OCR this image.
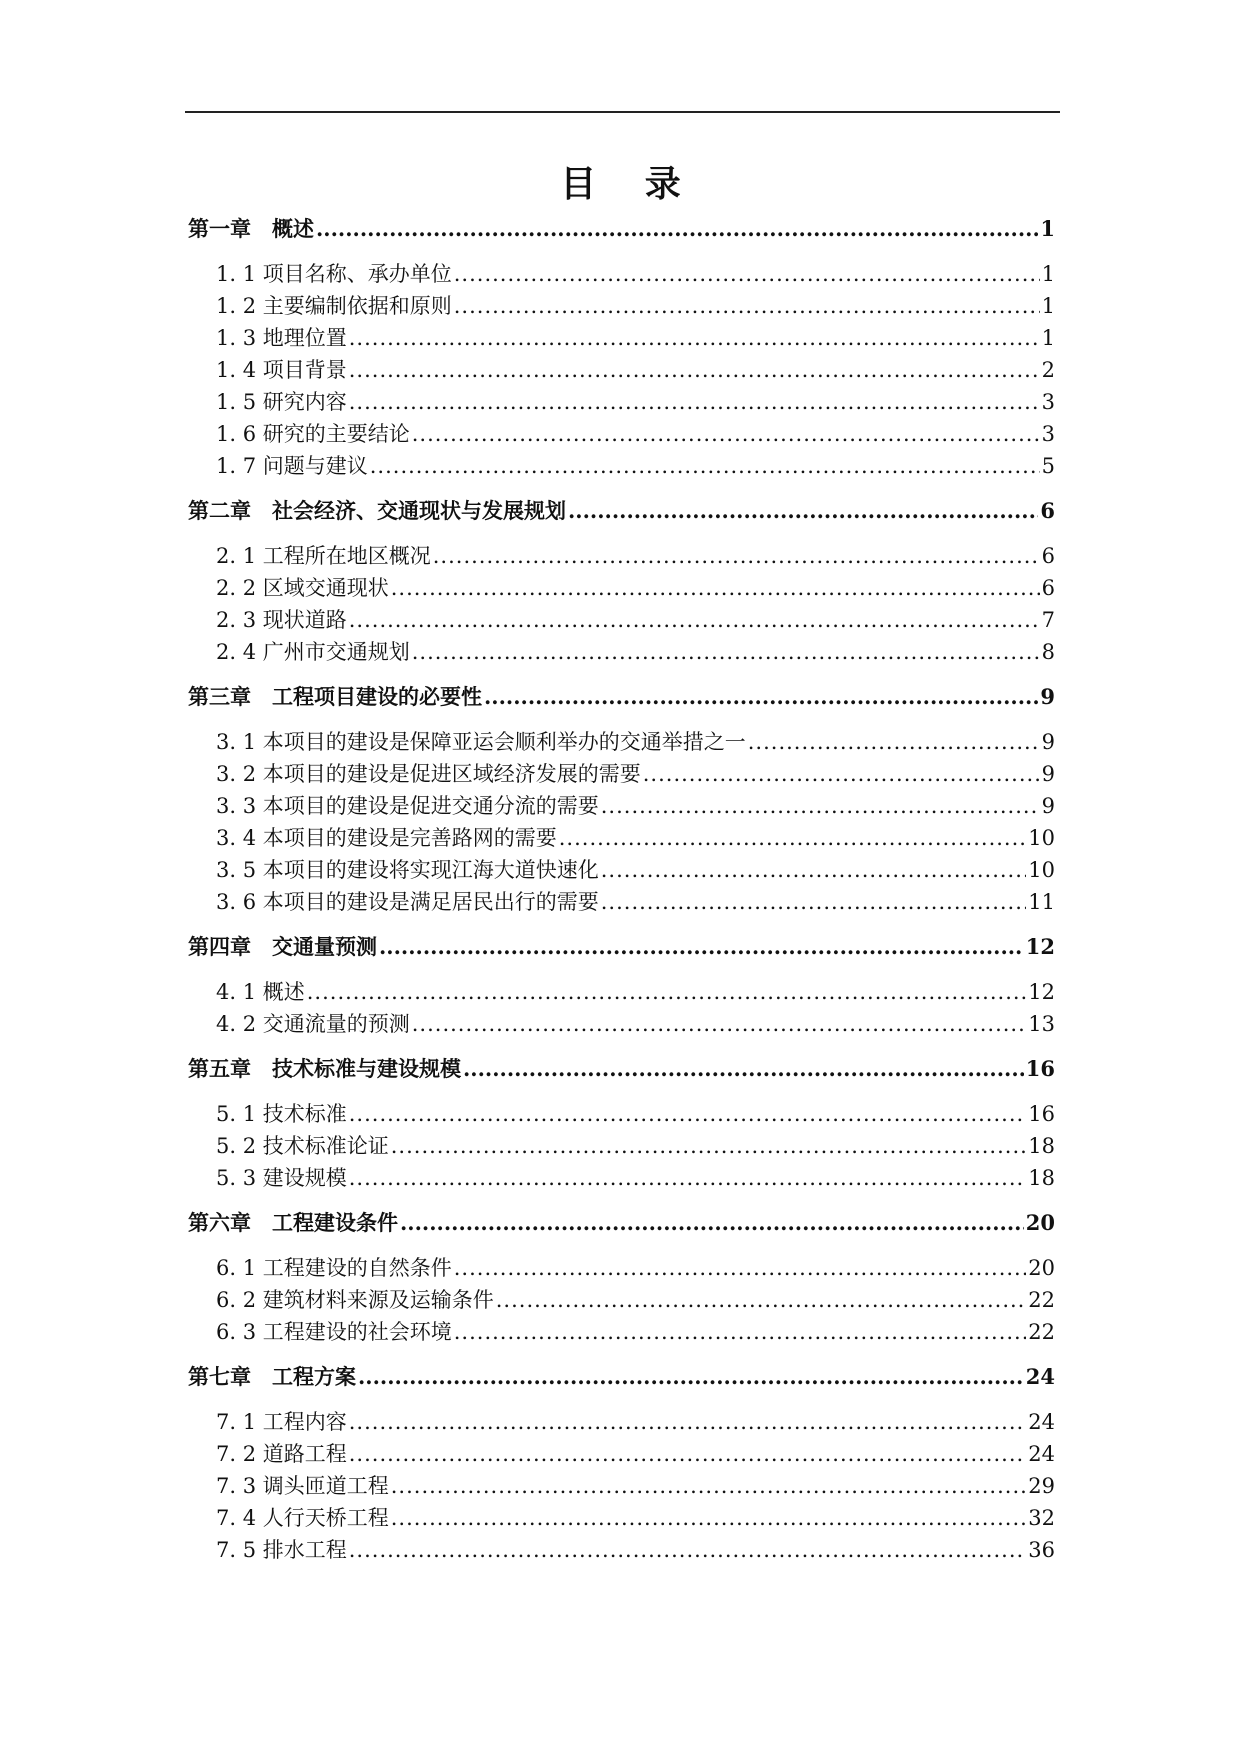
目 录
第一章　概述 .....	1
1. 1 项目名称、承办单位 .....	1
1. 2 主要编制依据和原则 .....	1
1. 3 地理位置 .....	1
1. 4 项目背景 .....	2
1. 5 研究内容 .....	3
1. 6 研究的主要结论 .....	3
1. 7 问题与建议 .....	5
第二章　社会经济、交通现状与发展规划 .....	6
2. 1 工程所在地区概况 .....	6
2. 2 区域交通现状 .....	6
2. 3 现状道路 .....	7
2. 4 广州市交通规划 .....	8
第三章　工程项目建设的必要性 .....	9
3. 1 本项目的建设是保障亚运会顺利举办的交通举措之一 .....	9
3. 2 本项目的建设是促进区域经济发展的需要 .....	9
3. 3 本项目的建设是促进交通分流的需要 .....	9
3. 4 本项目的建设是完善路网的需要 .....	10
3. 5 本项目的建设将实现江海大道快速化 .....	10
3. 6 本项目的建设是满足居民出行的需要 .....	11
第四章　交通量预测 .....	12
4. 1 概述 .....	12
4. 2 交通流量的预测 .....	13
第五章　技术标准与建设规模 .....	16
5. 1 技术标准 .....	16
5. 2 技术标准论证 .....	18
5. 3 建设规模 .....	18
第六章　工程建设条件 .....	20
6. 1 工程建设的自然条件 .....	20
6. 2 建筑材料来源及运输条件 .....	22
6. 3 工程建设的社会环境 .....	22
第七章　工程方案 .....	24
7. 1 工程内容 .....	24
7. 2 道路工程 .....	24
7. 3 调头匝道工程 .....	29
7. 4 人行天桥工程 .....	32
7. 5 排水工程 .....	36
